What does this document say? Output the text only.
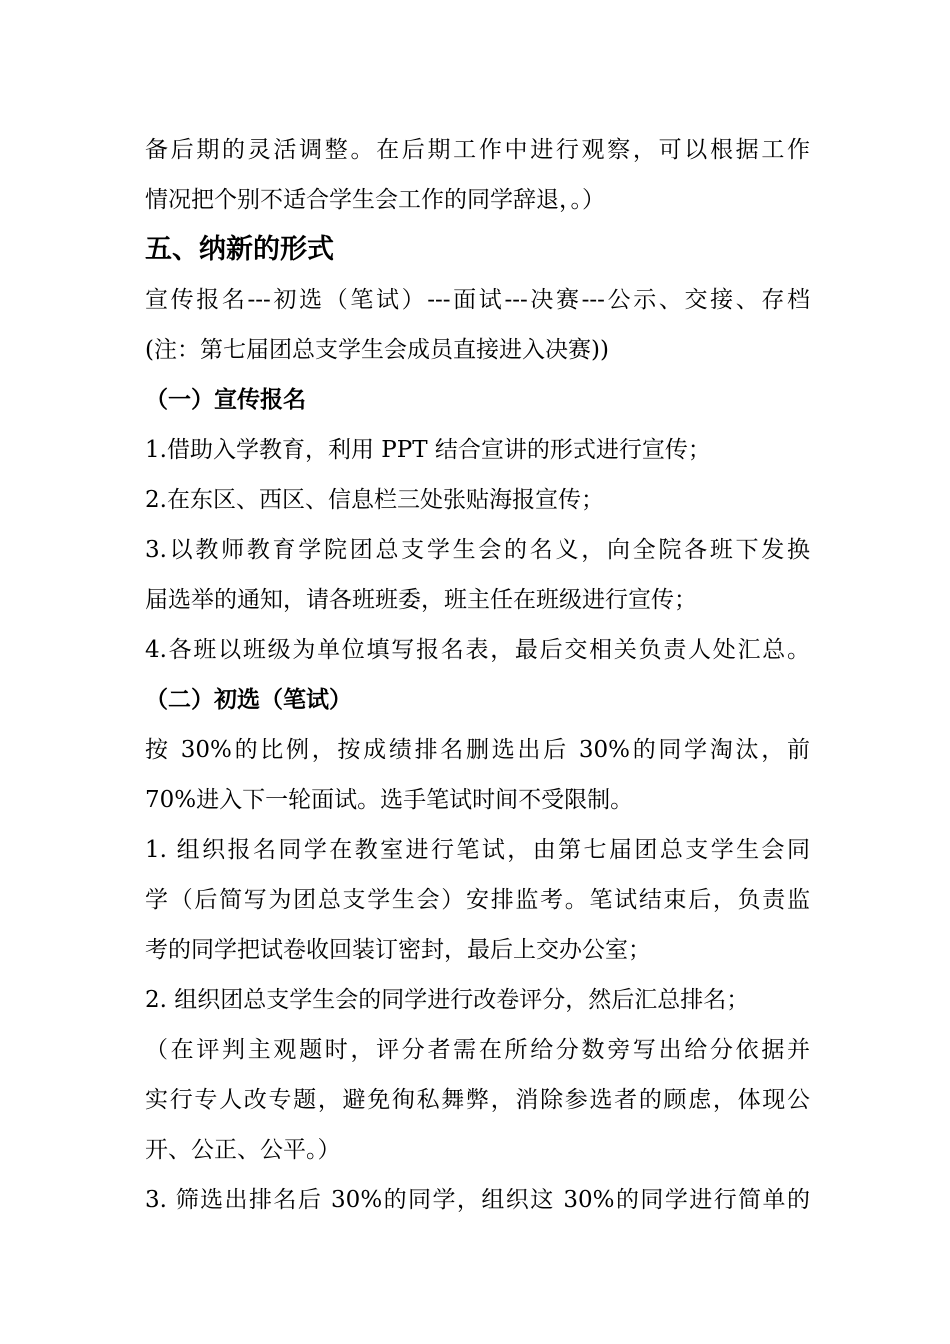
备后期的灵活调整。在后期工作中进行观察，可以根据工作
情况把个别不适合学生会工作的同学辞退，。）
五、纳新的形式
宣传报名---初选（笔试）---面试---决赛---公示、交接、存档
(注：第七届团总支学生会成员直接进入决赛))
（一）宣传报名
1.借助入学教育，利用 PPT 结合宣讲的形式进行宣传；
2.在东区、西区、信息栏三处张贴海报宣传；
3.以教师教育学院团总支学生会的名义，向全院各班下发换
届选举的通知，请各班班委，班主任在班级进行宣传；
4.各班以班级为单位填写报名表，最后交相关负责人处汇总。
（二）初选（笔试）
按 30%的比例，按成绩排名删选出后 30%的同学淘汰，前
70%进入下一轮面试。选手笔试时间不受限制。
1. 组织报名同学在教室进行笔试，由第七届团总支学生会同
学（后简写为团总支学生会）安排监考。笔试结束后，负责监
考的同学把试卷收回装订密封，最后上交办公室；
2. 组织团总支学生会的同学进行改卷评分，然后汇总排名；
（在评判主观题时，评分者需在所给分数旁写出给分依据并
实行专人改专题，避免徇私舞弊，消除参选者的顾虑，体现公
开、公正、公平。）
3. 筛选出排名后 30%的同学，组织这 30%的同学进行简单的
